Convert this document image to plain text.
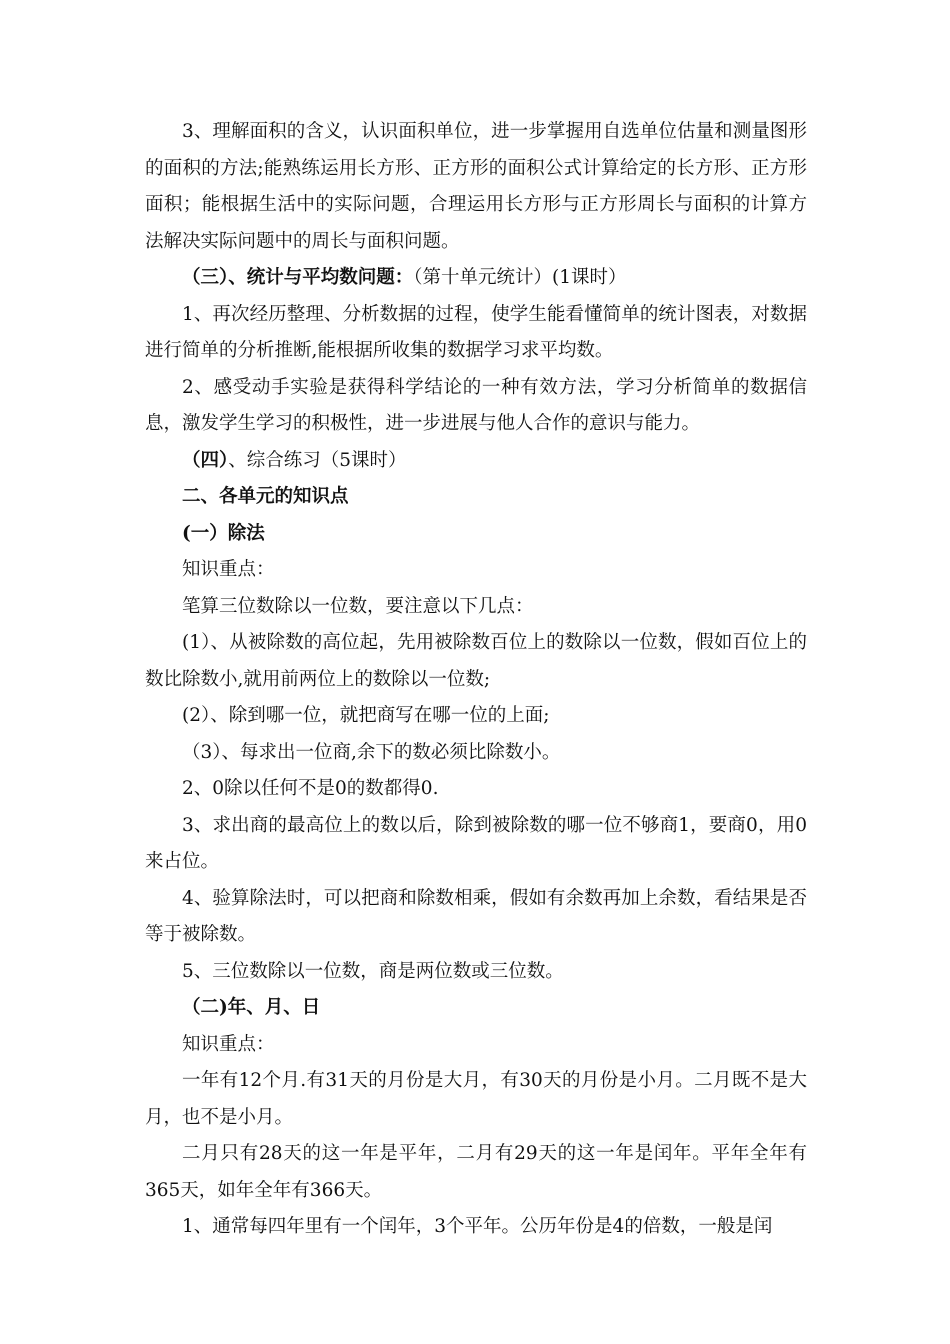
3、理解面积的含义，认识面积单位，进一步掌握用自选单位估量和测量图形的面积的方法;能熟练运用长方形、正方形的面积公式计算给定的长方形、正方形面积；能根据生活中的实际问题，合理运用长方形与正方形周长与面积的计算方法解决实际问题中的周长与面积问题。

（三）、统计与平均数问题：（第十单元统计）(1课时）

1、再次经历整理、分析数据的过程，使学生能看懂简单的统计图表，对数据进行简单的分析推断,能根据所收集的数据学习求平均数。

2、感受动手实验是获得科学结论的一种有效方法，学习分析简单的数据信息，激发学生学习的积极性，进一步进展与他人合作的意识与能力。

（四）、综合练习（5课时）

二、各单元的知识点

(一）除法

知识重点：

笔算三位数除以一位数，要注意以下几点：

(1）、从被除数的高位起，先用被除数百位上的数除以一位数，假如百位上的数比除数小,就用前两位上的数除以一位数;

(2）、除到哪一位，就把商写在哪一位的上面;

（3）、每求出一位商,余下的数必须比除数小。

2、0除以任何不是0的数都得0.

3、求出商的最高位上的数以后，除到被除数的哪一位不够商1，要商0，用0来占位。

4、验算除法时，可以把商和除数相乘，假如有余数再加上余数，看结果是否等于被除数。

5、三位数除以一位数，商是两位数或三位数。

（二)年、月、日

知识重点：

一年有12个月.有31天的月份是大月，有30天的月份是小月。二月既不是大月，也不是小月。

二月只有28天的这一年是平年，二月有29天的这一年是闰年。平年全年有365天，如年全年有366天。

1、通常每四年里有一个闰年，3个平年。公历年份是4的倍数，一般是闰
